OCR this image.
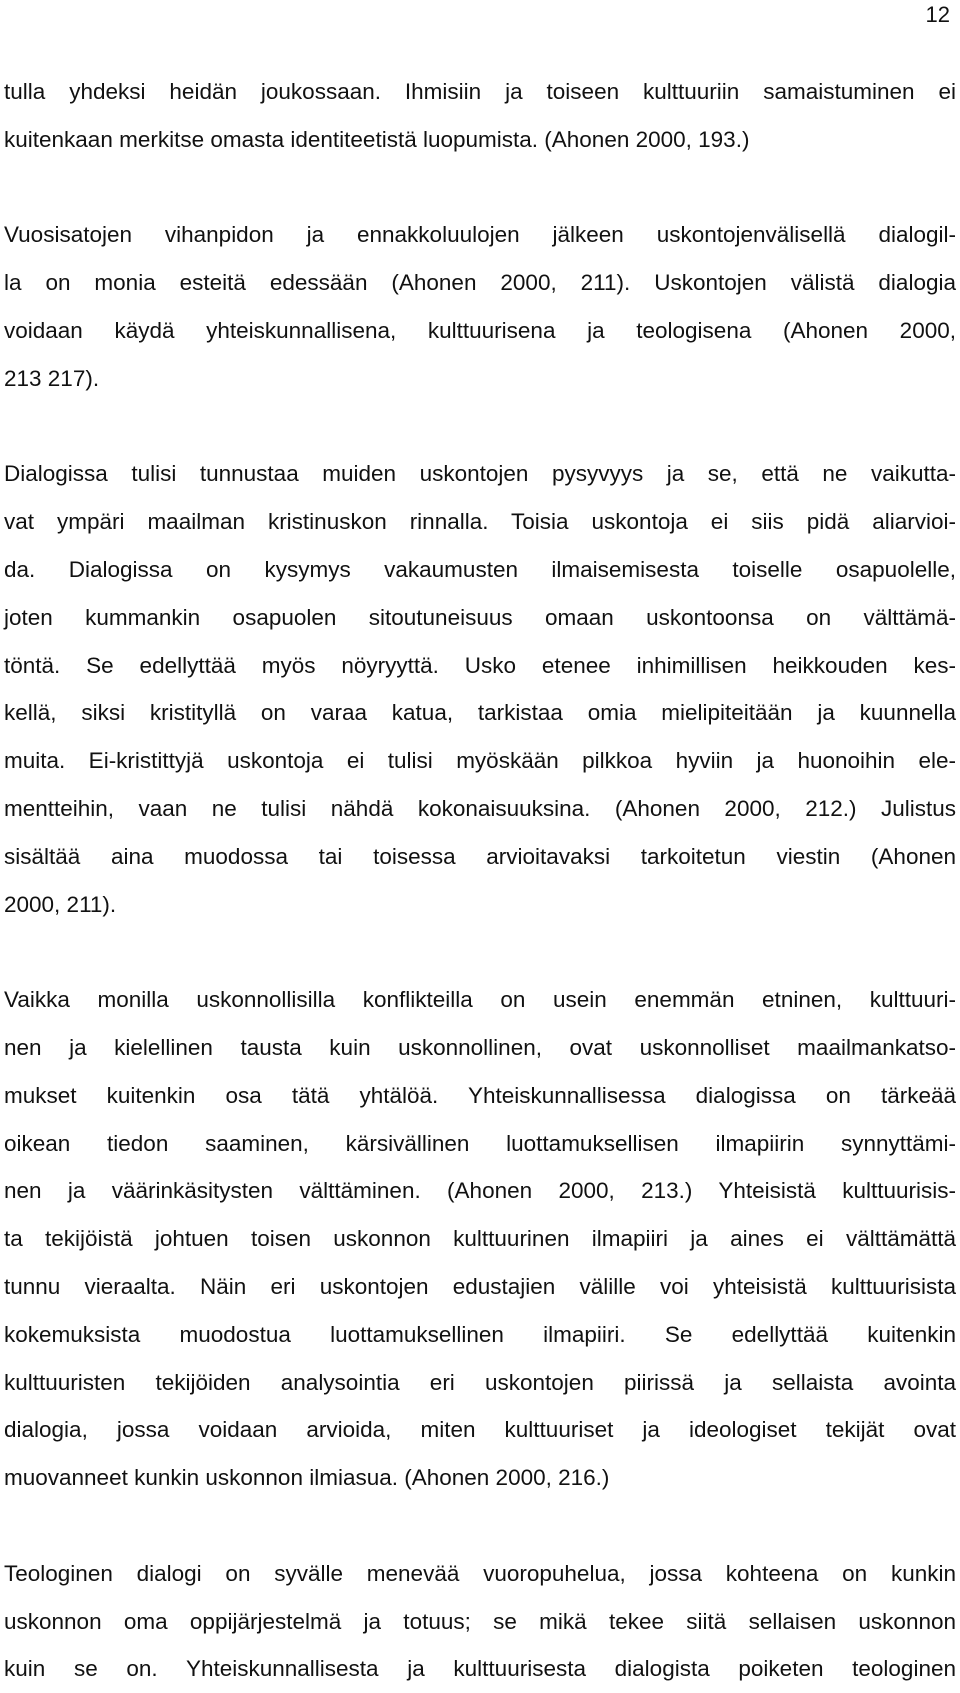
12
tulla yhdeksi heidän joukossaan. Ihmisiin ja toiseen kulttuuriin samaistuminen ei
kuitenkaan merkitse omasta identiteetistä luopumista. (Ahonen 2000, 193.)
Vuosisatojen vihanpidon ja ennakkoluulojen jälkeen uskontojenvälisellä dialogil-
la on monia esteitä edessään (Ahonen 2000, 211). Uskontojen välistä dialogia
voidaan käydä yhteiskunnallisena, kulttuurisena ja teologisena (Ahonen 2000,
213 217).
Dialogissa tulisi tunnustaa muiden uskontojen pysyvyys ja se, että ne vaikutta-
vat ympäri maailman kristinuskon rinnalla. Toisia uskontoja ei siis pidä aliarvioi-
da. Dialogissa on kysymys vakaumusten ilmaisemisesta toiselle osapuolelle,
joten kummankin osapuolen sitoutuneisuus omaan uskontoonsa on välttämä-
töntä. Se edellyttää myös nöyryyttä. Usko etenee inhimillisen heikkouden kes-
kellä, siksi kristityllä on varaa katua, tarkistaa omia mielipiteitään ja kuunnella
muita. Ei-kristittyjä uskontoja ei tulisi myöskään pilkkoa hyviin ja huonoihin ele-
mentteihin, vaan ne tulisi nähdä kokonaisuuksina. (Ahonen 2000, 212.) Julistus
sisältää aina muodossa tai toisessa arvioitavaksi tarkoitetun viestin (Ahonen
2000, 211).
Vaikka monilla uskonnollisilla konflikteilla on usein enemmän etninen, kulttuuri-
nen ja kielellinen tausta kuin uskonnollinen, ovat uskonnolliset maailmankatso-
mukset kuitenkin osa tätä yhtälöä. Yhteiskunnallisessa dialogissa on tärkeää
oikean tiedon saaminen, kärsivällinen luottamuksellisen ilmapiirin synnyttämi-
nen ja väärinkäsitysten välttäminen. (Ahonen 2000, 213.) Yhteisistä kulttuurisis-
ta tekijöistä johtuen toisen uskonnon kulttuurinen ilmapiiri ja aines ei välttämättä
tunnu vieraalta. Näin eri uskontojen edustajien välille voi yhteisistä kulttuurisista
kokemuksista muodostua luottamuksellinen ilmapiiri. Se edellyttää kuitenkin
kulttuuristen tekijöiden analysointia eri uskontojen piirissä ja sellaista avointa
dialogia, jossa voidaan arvioida, miten kulttuuriset ja ideologiset tekijät ovat
muovanneet kunkin uskonnon ilmiasua. (Ahonen 2000, 216.)
Teologinen dialogi on syvälle menevää vuoropuhelua, jossa kohteena on kunkin
uskonnon oma oppijärjestelmä ja totuus; se mikä tekee siitä sellaisen uskonnon
kuin se on. Yhteiskunnallisesta ja kulttuurisesta dialogista poiketen teologinen
